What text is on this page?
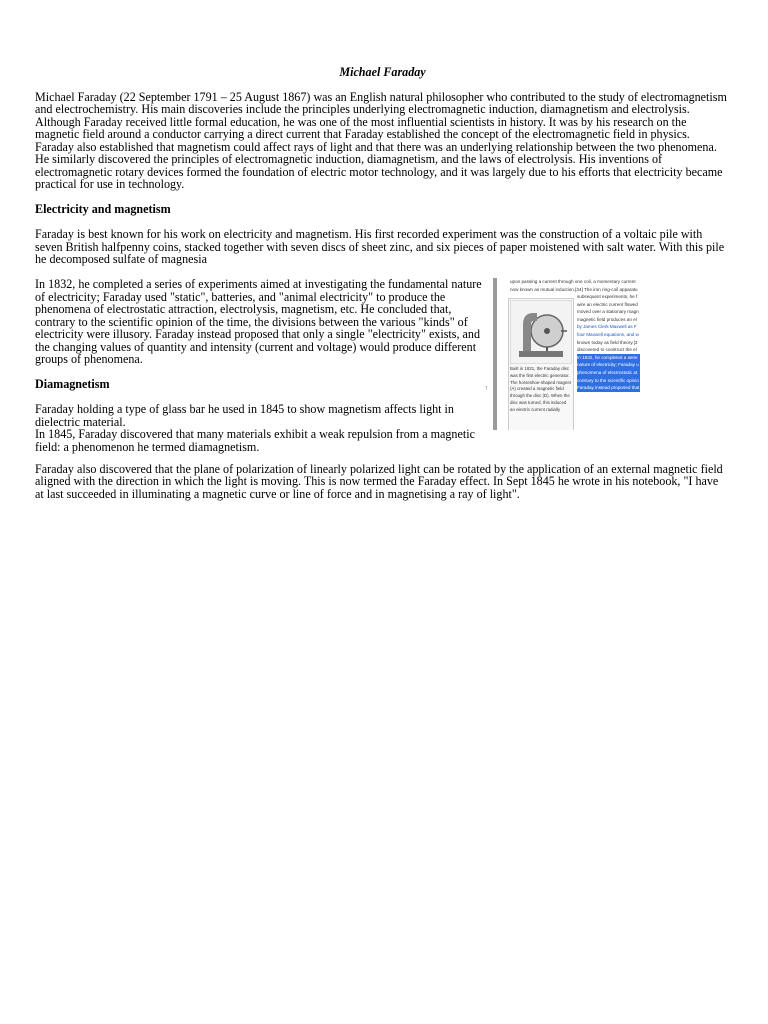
Michael Faraday

Michael Faraday (22 September 1791 – 25 August 1867) was an English natural philosopher who contributed to the study of electromagnetism and electrochemistry. His main discoveries include the principles underlying electromagnetic induction, diamagnetism and electrolysis. Although Faraday received little formal education, he was one of the most influential scientists in history. It was by his research on the magnetic field around a conductor carrying a direct current that Faraday established the concept of the electromagnetic field in physics. Faraday also established that magnetism could affect rays of light and that there was an underlying relationship between the two phenomena. He similarly discovered the principles of electromagnetic induction, diamagnetism, and the laws of electrolysis. His inventions of electromagnetic rotary devices formed the foundation of electric motor technology, and it was largely due to his efforts that electricity became practical for use in technology.

Electricity and magnetism

Faraday is best known for his work on electricity and magnetism. His first recorded experiment was the construction of a voltaic pile with seven British halfpenny coins, stacked together with seven discs of sheet zinc, and six pieces of paper moistened with salt water. With this pile he decomposed sulfate of magnesia

In 1832, he completed a series of experiments aimed at investigating the fundamental nature of electricity; Faraday used "static", batteries, and "animal electricity" to produce the phenomena of electrostatic attraction, electrolysis, magnetism, etc. He concluded that, contrary to the scientific opinion of the time, the divisions between the various "kinds" of electricity were illusory. Faraday instead proposed that only a single "electricity" exists, and the changing values of quantity and intensity (current and voltage) would produce different groups of phenomena.

Diamagnetism

Faraday holding a type of glass bar he used in 1845 to show magnetism affects light in dielectric material.

In 1845, Faraday discovered that many materials exhibit a weak repulsion from a magnetic field: a phenomenon he termed diamagnetism.

ᵀ
upon passing a current through one coil, a momentary current
now known as mutual induction.[34] The iron ring-coil apparatu
Built in 1831, the Faraday disc was the first electric generator. The horseshoe-shaped magnet (A) created a magnetic field through the disc (D). When the disc was turned, this induced an electric current radially
subsequent experiments, he f
wire an electric current flowed
moved over a stationary magn
magnetic field produces an el
by James Clerk Maxwell as F
four Maxwell equations, and w
known today as field theory.[3
discovered to construct the el
In 1832, he completed a serie
nature of electricity; Faraday u
phenomena of electrostatic at
contrary to the scientific opinio
Faraday instead proposed that

Faraday also discovered that the plane of polarization of linearly polarized light can be rotated by the application of an external magnetic field aligned with the direction in which the light is moving. This is now termed the Faraday effect. In Sept 1845 he wrote in his notebook, "I have at last succeeded in illuminating a magnetic curve or line of force and in magnetising a ray of light".
